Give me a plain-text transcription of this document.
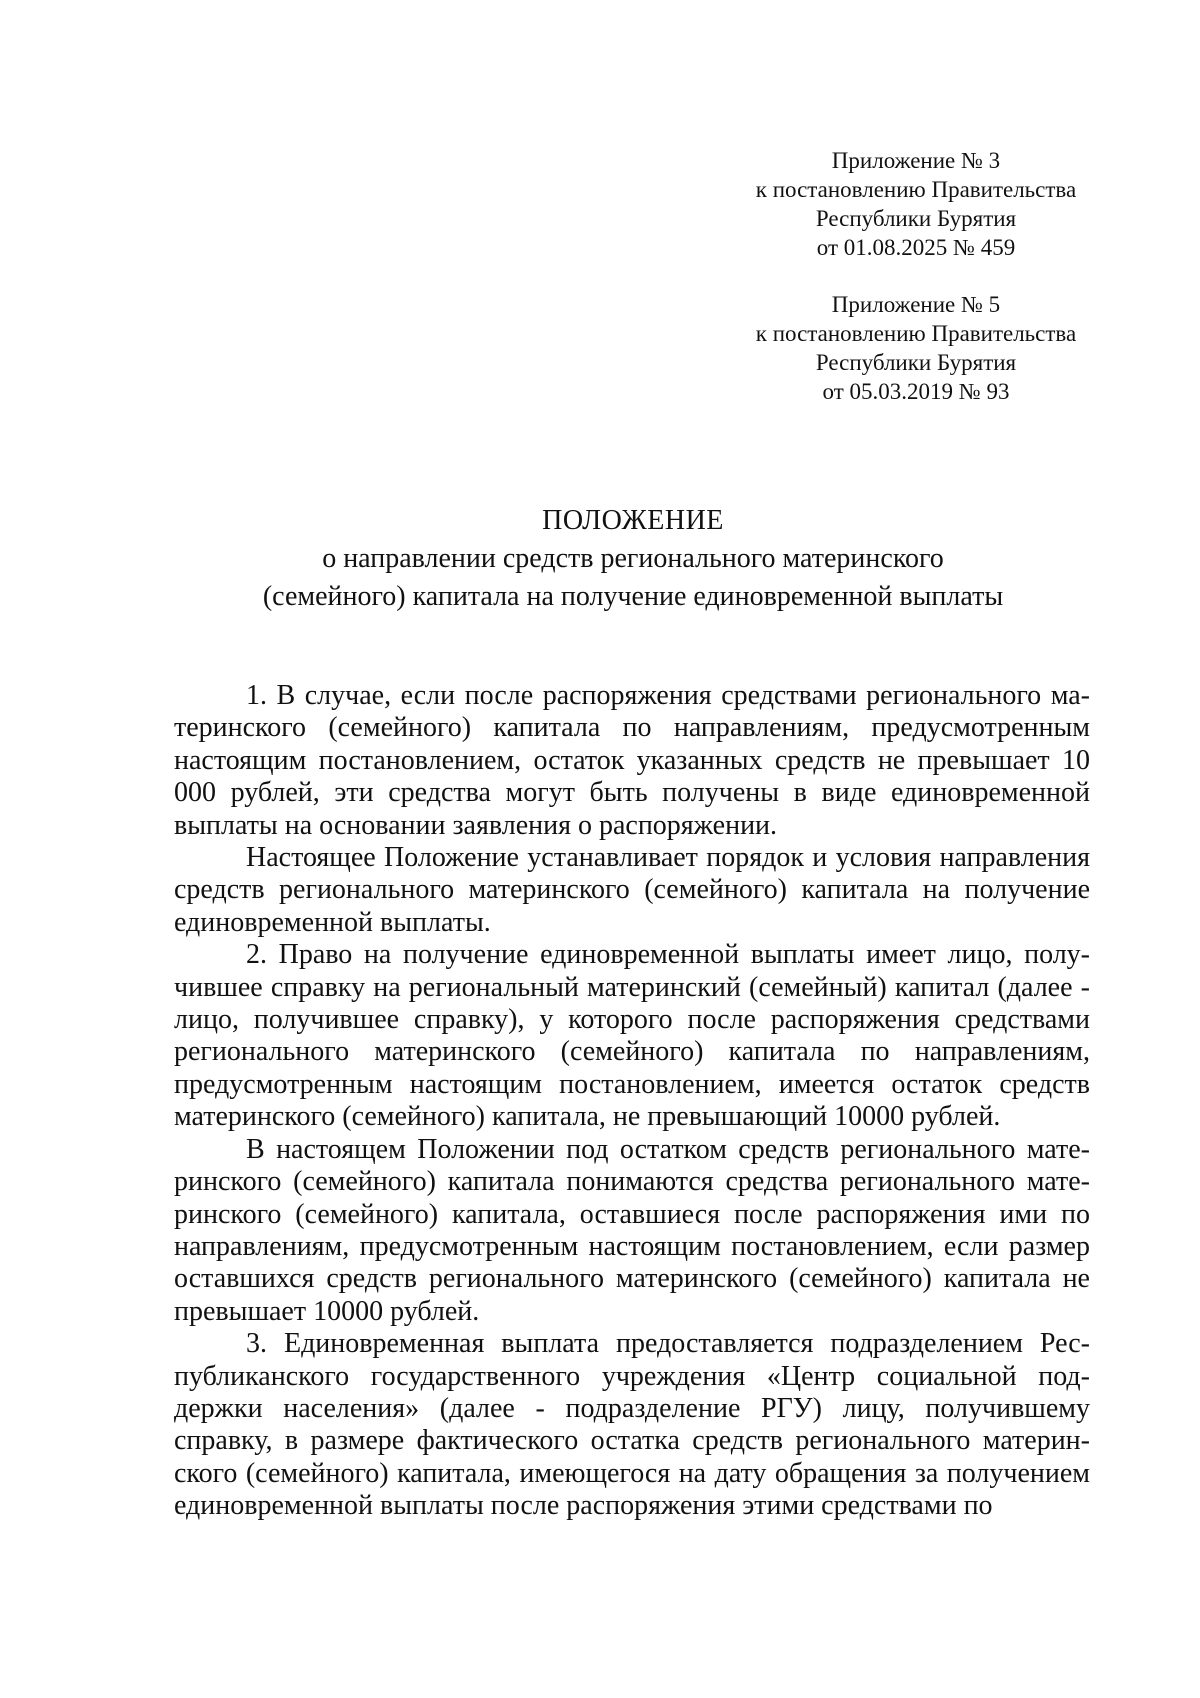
Приложение № 3
к постановлению Правительства
Республики Бурятия
от 01.08.2025 № 459
Приложение № 5
к постановлению Правительства
Республики Бурятия
от 05.03.2019 № 93
ПОЛОЖЕНИЕ
о направлении средств регионального материнского
(семейного) капитала на получение единовременной выплаты

1. В случае, если после распоряжения средствами регионального материнского (семейного) капитала по направлениям, предусмотренным настоящим постановлением, остаток указанных средств не превышает 10 000 рублей, эти средства могут быть получены в виде единовременной выплаты на основании заявления о распоряжении.

Настоящее Положение устанавливает порядок и условия направления средств регионального материнского (семейного) капитала на получение единовременной выплаты.

2. Право на получение единовременной выплаты имеет лицо, получившее справку на региональный материнский (семейный) капитал (далее - лицо, получившее справку), у которого после распоряжения средствами регионального материнского (семейного) капитала по направлениям, предусмотренным настоящим постановлением, имеется остаток средств материнского (семейного) капитала, не превышающий 10000 рублей.

В настоящем Положении под остатком средств регионального материнского (семейного) капитала понимаются средства регионального материнского (семейного) капитала, оставшиеся после распоряжения ими по направлениям, предусмотренным настоящим постановлением, если размер оставшихся средств регионального материнского (семейного) капитала не превышает 10000 рублей.

3. Единовременная выплата предоставляется подразделением Республиканского государственного учреждения «Центр социальной поддержки населения» (далее - подразделение РГУ) лицу, получившему справку, в размере фактического остатка средств регионального материнского (семейного) капитала, имеющегося на дату обращения за получением единовременной выплаты после распоряжения этими средствами по
